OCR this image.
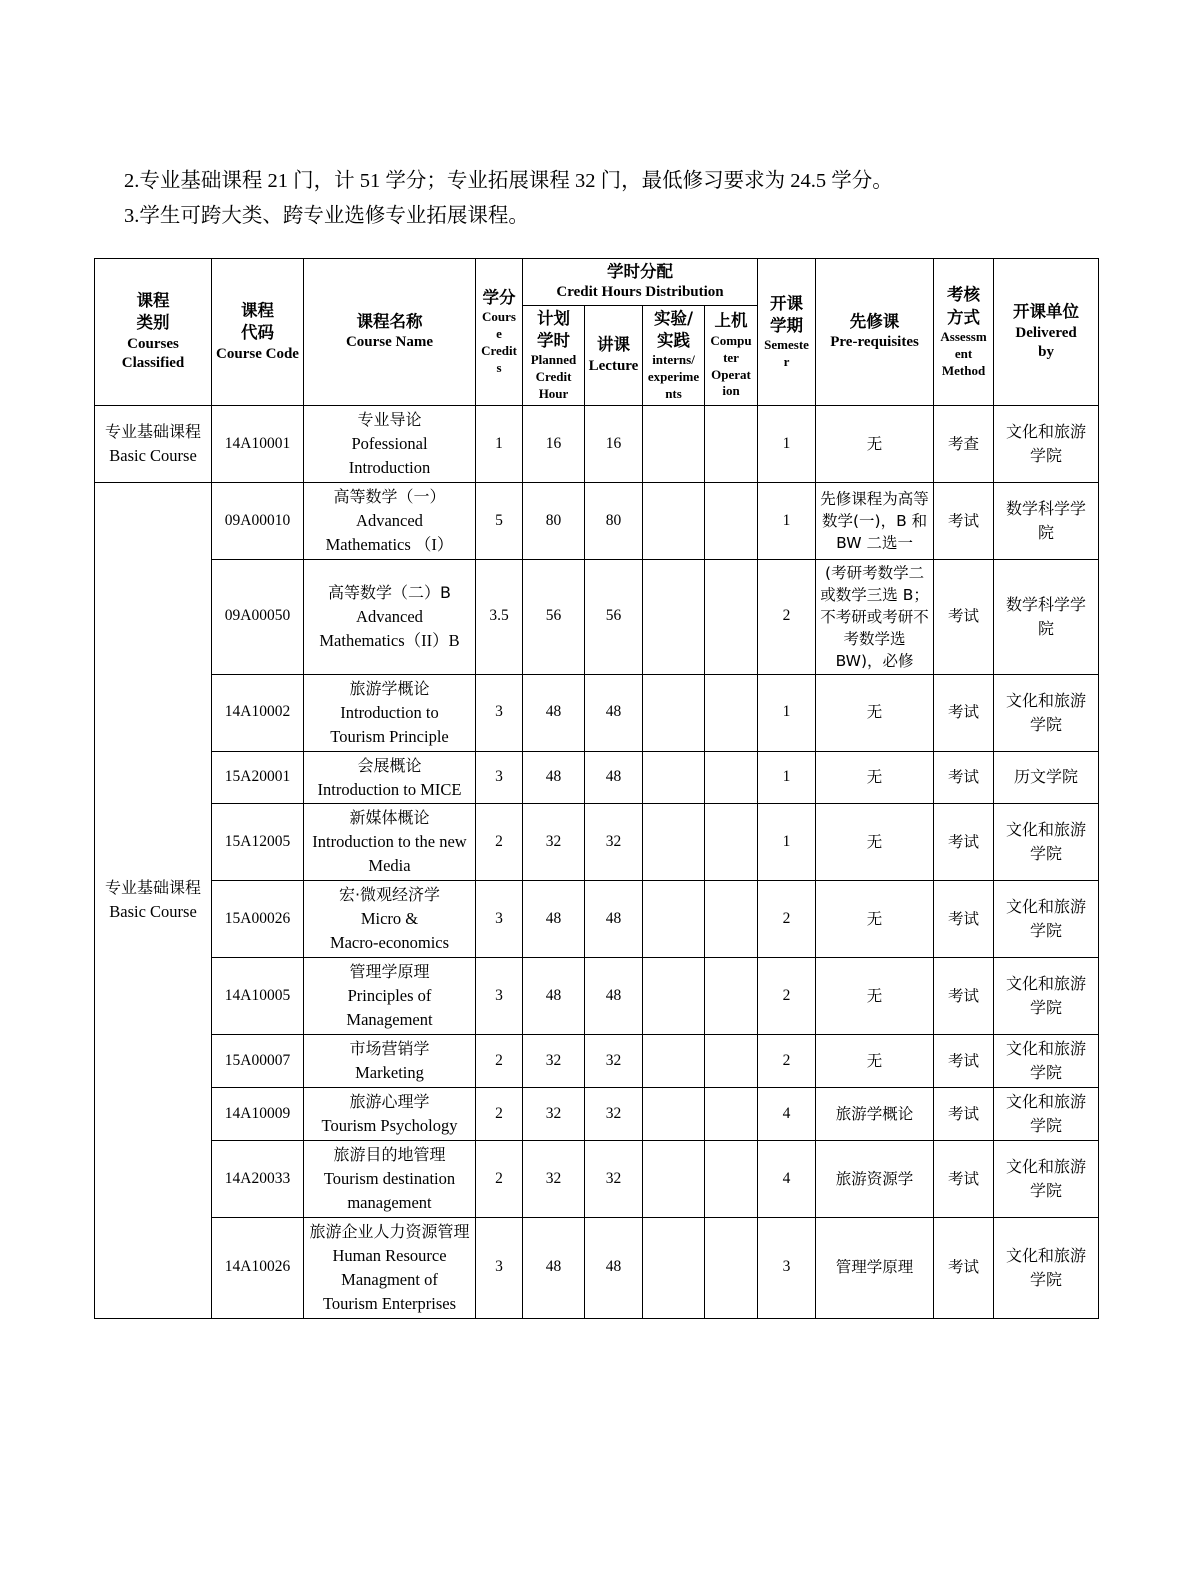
2.专业基础课程 21 门，计 51 学分；专业拓展课程 32 门，最低修习要求为 24.5 学分。

3.学生可跨大类、跨专业选修专业拓展课程。

课程
类别
Courses
Classified	课程
代码
Course Code	课程名称
Course Name	学分
Cours
e
Credit
s	学时分配
Credit Hours Distribution				开课
学期
Semeste
r	先修课
Pre-requisites	考核
方式
Assessm
ent
Method	开课单位
Delivered
by

				计划
学时
Planned
Credit
Hour	讲课
Lecture	实验/
实践
interns/
experime
nts	上机
Compu
ter
Operat
ion				

专业基础课程
Basic Course	14A10001	专业导论
Pofessional
Introduction	1	16	16			1	无	考查	文化和旅游
学院

专业基础课程
Basic Course	09A00010	高等数学（一）
Advanced
Mathematics （I）	5	80	80			1	先修课程为高等数学(一)，B 和 BW 二选一	考试	数学科学学
院

	09A00050	高等数学（二）B
Advanced
Mathematics（II）B	3.5	56	56			2	(考研考数学二或数学三选 B；不考研或考研不考数学选 BW)，必修	考试	数学科学学
院

	14A10002	旅游学概论
Introduction to
Tourism Principle	3	48	48			1	无	考试	文化和旅游
学院

	15A20001	会展概论
Introduction to MICE	3	48	48			1	无	考试	历文学院

	15A12005	新媒体概论
Introduction to the new
Media	2	32	32			1	无	考试	文化和旅游
学院

	15A00026	宏·微观经济学
Micro &
Macro-economics	3	48	48			2	无	考试	文化和旅游
学院

	14A10005	管理学原理
Principles of
Management	3	48	48			2	无	考试	文化和旅游
学院

	15A00007	市场营销学
Marketing	2	32	32			2	无	考试	文化和旅游
学院

	14A10009	旅游心理学
Tourism Psychology	2	32	32			4	旅游学概论	考试	文化和旅游
学院

	14A20033	旅游目的地管理
Tourism destination
management	2	32	32			4	旅游资源学	考试	文化和旅游
学院

	14A10026	旅游企业人力资源管理
Human Resource
Managment of
Tourism Enterprises	3	48	48			3	管理学原理	考试	文化和旅游
学院
